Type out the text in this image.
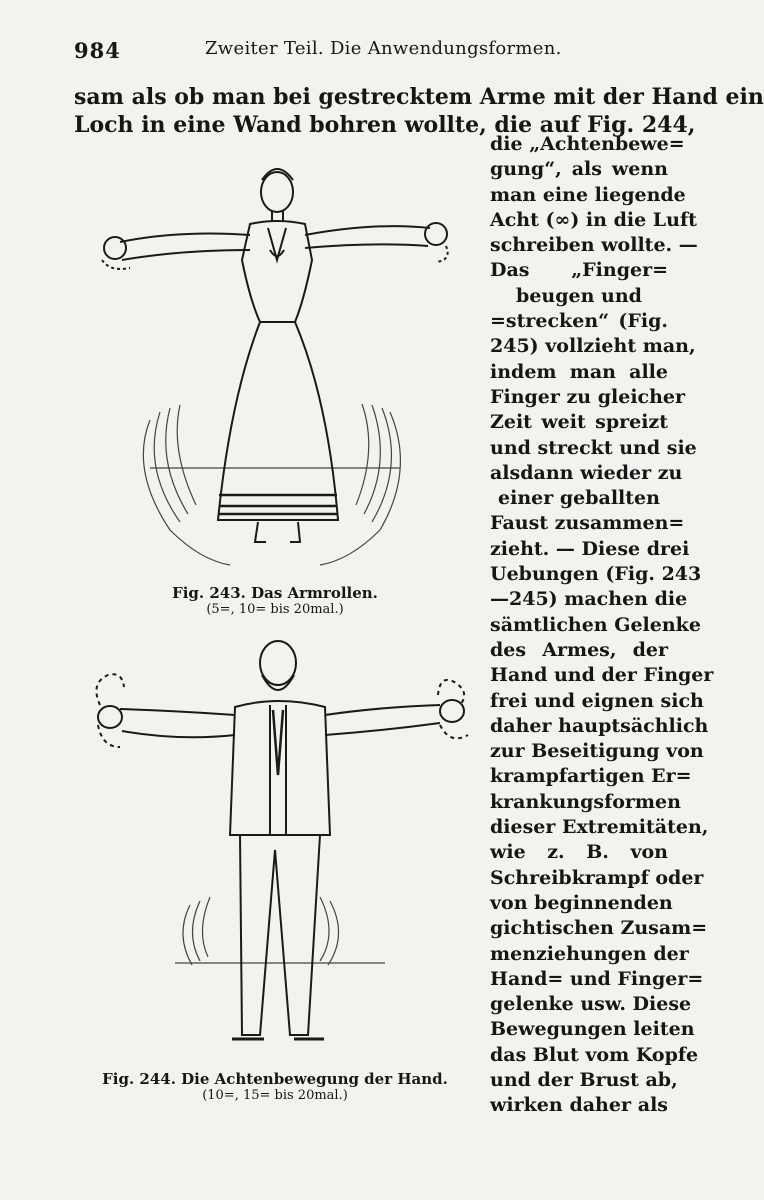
984	Zweiter Teil. Die Anwendungsformen.
sam als ob man bei gestrecktem Arme mit der Hand ein
Loch in eine Wand bohren wollte, die auf Fig. 244,
die „Achtenbewe=
gung“, als wenn
man eine liegende
Acht (∞) in die Luft
schreiben wollte. —
Das „Finger=
beugen und
=strecken“ (Fig.
245) vollzieht man,
indem man alle
Finger zu gleicher
Zeit weit spreizt
und streckt und sie
alsdann wieder zu
einer geballten
Faust zusammen=
zieht. — Diese drei
Uebungen (Fig. 243
—245) machen die
sämtlichen Gelenke
des Armes, der
Hand und der Finger
frei und eignen sich
daher hauptsächlich
zur Beseitigung von
krampfartigen Er=
krankungsformen
dieser Extremitäten,
wie z. B. von
Schreibkrampf oder
von beginnenden
gichtischen Zusam=
menziehungen der
Hand= und Finger=
gelenke usw. Diese
Bewegungen leiten
das Blut vom Kopfe
und der Brust ab,
wirken daher als
Fig. 243. Das Armrollen.
(5=, 10= bis 20mal.)
Fig. 244. Die Achtenbewegung der Hand.
(10=, 15= bis 20mal.)
